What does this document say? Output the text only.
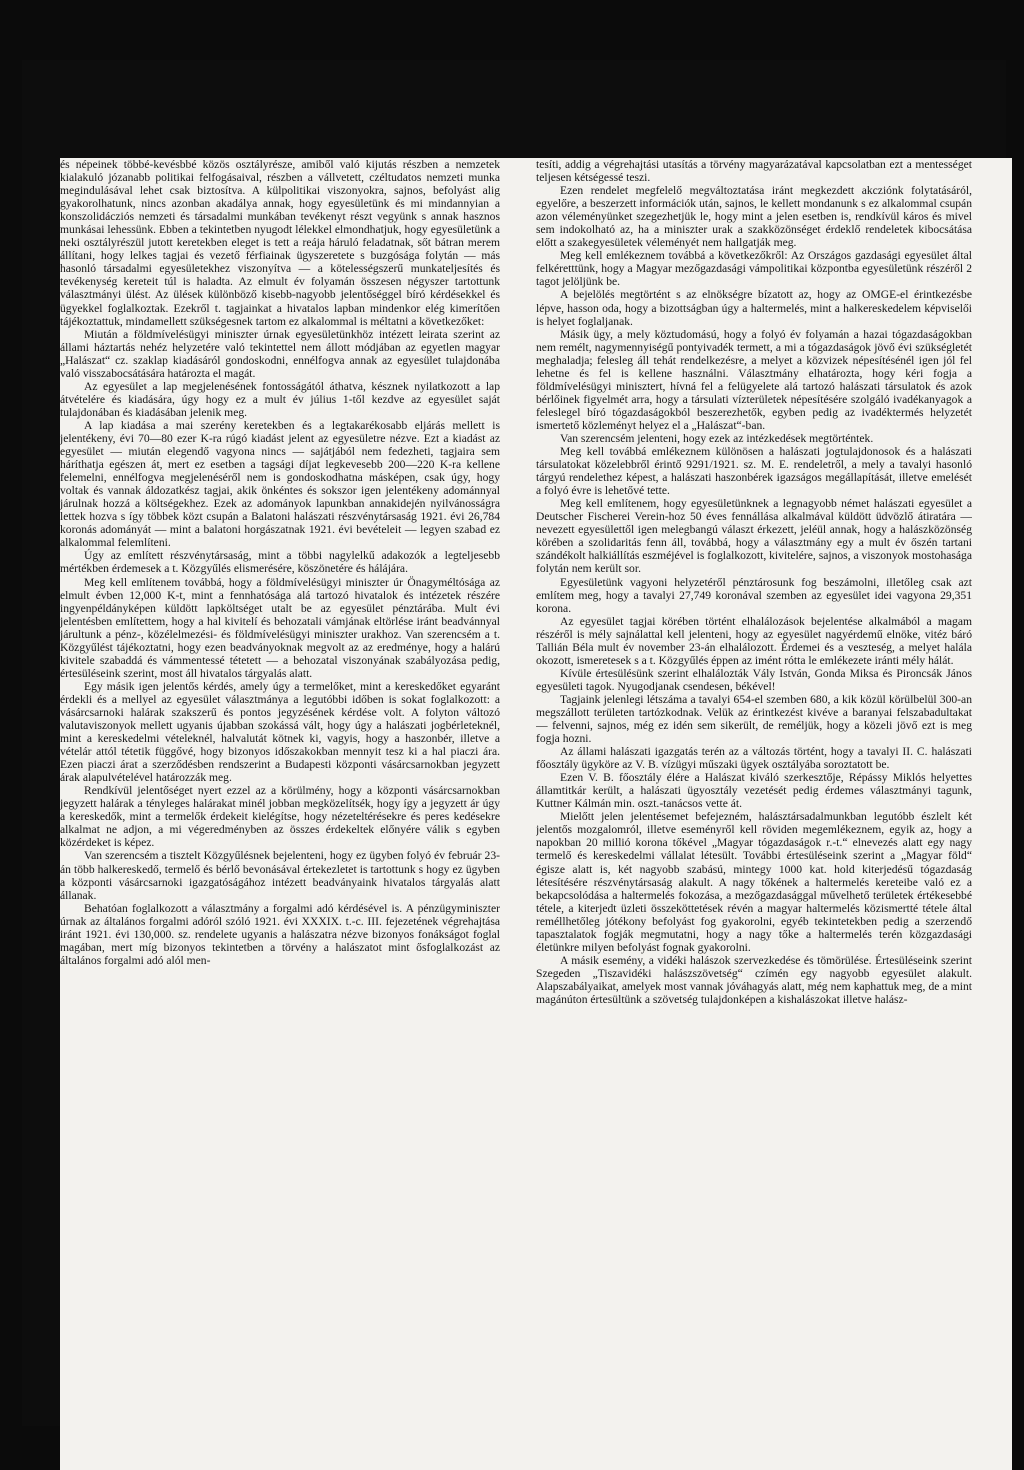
és népeinek többé-kevésbbé közös osztályrésze, amiből való kijutás részben a nemzetek kialakuló józanabb politikai felfogásaival, részben a vállvetett, czéltudatos nemzeti munka megindulásával lehet csak biztosítva. A külpolitikai viszonyokra, sajnos, befolyást alig gyakorolhatunk, nincs azonban akadálya annak, hogy egyesületünk és mi mindannyian a konszolidácziós nemzeti és társadalmi munkában tevékenyt részt vegyünk s annak hasznos munkásai lehessünk. Ebben a tekintetben nyugodt lélekkel elmondhatjuk, hogy egyesületünk a neki osztályrészül jutott keretekben eleget is tett a reája háruló feladatnak, sőt bátran merem állítani, hogy lelkes tagjai és vezető férfiainak ügyszeretete s buzgósága folytán — más hasonló társadalmi egyesületekhez viszonyítva — a kötelességszerű munkateljesítés és tevékenység kereteit túl is haladta. Az elmult év folyamán összesen négyszer tartottunk választmányi ülést. Az ülések különböző kisebb-nagyobb jelentőséggel bíró kérdésekkel és ügyekkel foglalkoztak. Ezekről t. tagjainkat a hivatalos lapban mindenkor elég kimerítően tájékoztattuk, mindamellett szükségesnek tartom ez alkalommal is méltatni a következőket:

Miután a földmívelésügyi miniszter úrnak egyesületünkhöz intézett leirata szerint az állami háztartás nehéz helyzetére való tekintettel nem állott módjában az egyetlen magyar „Halászat“ cz. szaklap kiadásáról gondoskodni, ennélfogva annak az egyesület tulajdonába való visszabocsátására határozta el magát.

Az egyesület a lap megjelenésének fontosságától áthatva, késznek nyilatkozott a lap átvételére és kiadására, úgy hogy ez a mult év július 1-től kezdve az egyesület saját tulajdonában és kiadásában jelenik meg.

A lap kiadása a mai szerény keretekben és a legtakarékosabb eljárás mellett is jelentékeny, évi 70—80 ezer K-ra rúgó kiadást jelent az egyesületre nézve. Ezt a kiadást az egyesület — miután elegendő vagyona nincs — sajátjából nem fedezheti, tagjaira sem háríthatja egészen át, mert ez esetben a tagsági díjat legkevesebb 200—220 K-ra kellene felemelni, ennélfogva megjelenéséről nem is gondoskodhatna másképen, csak úgy, hogy voltak és vannak áldozatkész tagjai, akik önkéntes és sokszor igen jelentékeny adománnyal járulnak hozzá a költségekhez. Ezek az adományok lapunkban annakidején nyilvánosságra lettek hozva s így többek közt csupán a Balatoni halászati részvénytársaság 1921. évi 26,784 koronás adományát — mint a balatoni horgászatnak 1921. évi bevételeit — legyen szabad ez alkalommal felemlíteni.

Úgy az említett részvénytársaság, mint a többi nagylelkű adakozók a legteljesebb mértékben érdemesek a t. Közgyűlés elismerésére, köszönetére és hálájára.

Meg kell említenem továbbá, hogy a földmívelésügyi miniszter úr Önagyméltósága az elmult évben 12,000 K-t, mint a fennhatósága alá tartozó hivatalok és intézetek részére ingyenpéldányképen küldött lapköltséget utalt be az egyesület pénztárába. Mult évi jelentésben említettem, hogy a hal kivitelí és behozatali vámjának eltörlése iránt beadvánnyal járultunk a pénz-, közélelmezési- és földmívelésügyi miniszter urakhoz. Van szerencsém a t. Közgyűlést tájékoztatni, hogy ezen beadványoknak megvolt az az eredménye, hogy a halárú kivitele szabaddá és vámmentessé tétetett — a behozatal viszonyának szabályozása pedig, értesüléseink szerint, most áll hivatalos tárgyalás alatt.

Egy másik igen jelentős kérdés, amely úgy a termelőket, mint a kereskedőket egyaránt érdekli és a mellyel az egyesület választmánya a legutóbbi időben is sokat foglalkozott: a vásárcsarnoki halárak szakszerű és pontos jegyzésének kérdése volt. A folyton változó valutaviszonyok mellett ugyanis újabban szokássá vált, hogy úgy a halászati jogbérleteknél, mint a kereskedelmi vételeknél, halvalutát kötnek ki, vagyis, hogy a haszonbér, illetve a vételár attól tétetik függővé, hogy bizonyos időszakokban mennyit tesz ki a hal piaczi ára. Ezen piaczi árat a szerződésben rendszerint a Budapesti központi vásárcsarnokban jegyzett árak alapulvételével határozzák meg.

Rendkívül jelentőséget nyert ezzel az a körülmény, hogy a központi vásárcsarnokban jegyzett halárak a tényleges halárakat minél jobban megközelítsék, hogy így a jegyzett ár úgy a kereskedők, mint a termelők érdekeit kielégítse, hogy nézeteltérésekre és peres kedésekre alkalmat ne adjon, a mi végeredményben az összes érdekeltek előnyére válik s egyben közérdeket is képez.

Van szerencsém a tisztelt Közgyűlésnek bejelenteni, hogy ez ügyben folyó év február 23-án több halkereskedő, termelő és bérlő bevonásával értekezletet is tartottunk s hogy ez ügyben a központi vásárcsarnoki igazgatóságához intézett beadványaink hivatalos tárgyalás alatt állanak.

Behatóan foglalkozott a választmány a forgalmi adó kérdésével is. A pénzügyminiszter úrnak az általános forgalmi adóról szóló 1921. évi XXXIX. t.-c. III. fejezetének végrehajtása iránt 1921. évi 130,000. sz. rendelete ugyanis a halászatra nézve bizonyos fonákságot foglal magában, mert míg bizonyos tekintetben a törvény a halászatot mint ősfoglalkozást az általános forgalmi adó alól men-

tesíti, addig a végrehajtási utasítás a törvény magyarázatával kapcsolatban ezt a mentességet teljesen kétségessé teszi.

Ezen rendelet megfelelő megváltoztatása iránt megkezdett akcziónk folytatásáról, egyelőre, a beszerzett információk után, sajnos, le kellett mondanunk s ez alkalommal csupán azon véleményünket szegezhetjük le, hogy mint a jelen esetben is, rendkívül káros és mivel sem indokolható az, ha a miniszter urak a szakközönséget érdeklő rendeletek kibocsátása előtt a szakegyesületek véleményét nem hallgatják meg.

Meg kell emlékeznem továbbá a következőkről: Az Országos gazdasági egyesület által felkéretttünk, hogy a Magyar mezőgazdasági vámpolitikai központba egyesületünk részéről 2 tagot jelöljünk be.

A bejelölés megtörtént s az elnökségre bízatott az, hogy az OMGE-el érintkezésbe lépve, hasson oda, hogy a bizottságban úgy a haltermelés, mint a halkereskedelem képviselői is helyet foglaljanak.

Másik ügy, a mely köztudomású, hogy a folyó év folyamán a hazai tógazdaságokban nem remélt, nagymennyiségű pontyivadék termett, a mi a tógazdaságok jövő évi szükségletét meghaladja; felesleg áll tehát rendelkezésre, a melyet a közvizek népesítésénél igen jól fel lehetne és fel is kellene használni. Választmány elhatározta, hogy kéri fogja a földmívelésügyi minisztert, hívná fel a felügyelete alá tartozó halászati társulatok és azok bérlőinek figyelmét arra, hogy a társulati vízterületek népesítésére szolgáló ivadékanyagok a feleslegel bíró tógazdaságokból beszerezhetők, egyben pedig az ivadéktermés helyzetét ismertető közleményt helyez el a „Halászat“-ban.

Van szerencsém jelenteni, hogy ezek az intézkedések megtörténtek.

Meg kell továbbá emlékeznem különösen a halászati jogtulajdonosok és a halászati társulatokat közelebbről érintő 9291/1921. sz. M. E. rendeletről, a mely a tavalyi hasonló tárgyú rendelethez képest, a halászati haszonbérek igazságos megállapítását, illetve emelését a folyó évre is lehetővé tette.

Meg kell említenem, hogy egyesületünknek a legnagyobb német halászati egyesület a Deutscher Fischerei Verein-hoz 50 éves fennállása alkalmával küldött üdvözlő átiratára — nevezett egyesülettől igen melegbangú választ érkezett, jeléül annak, hogy a halászközönség körében a szolidaritás fenn áll, továbbá, hogy a választmány egy a mult év őszén tartani szándékolt halkiállítás eszméjével is foglalkozott, kivitelére, sajnos, a viszonyok mostohasága folytán nem került sor.

Egyesületünk vagyoni helyzetéről pénztárosunk fog beszámolni, illetőleg csak azt említem meg, hogy a tavalyi 27,749 koronával szemben az egyesület idei vagyona 29,351 korona.

Az egyesület tagjai körében történt elhalálozások bejelentése alkalmából a magam részéről is mély sajnálattal kell jelenteni, hogy az egyesület nagyérdemű elnöke, vitéz báró Tallián Béla mult év november 23-án elhalálozott. Érdemei és a veszteség, a melyet halála okozott, ismeretesek s a t. Közgyűlés éppen az imént rótta le emlékezete iránti mély hálát.

Kívüle értesülésünk szerint elhalálozták Vály István, Gonda Miksa és Pironcsák János egyesületi tagok. Nyugodjanak csendesen, békével!

Tagjaink jelenlegi létszáma a tavalyi 654-el szemben 680, a kik közül körülbelül 300-an megszállott területen tartózkodnak. Velük az érintkezést kivéve a baranyai felszabadultakat — felvenni, sajnos, még ez idén sem sikerült, de reméljük, hogy a közeli jövő ezt is meg fogja hozni.

Az állami halászati igazgatás terén az a változás történt, hogy a tavalyi II. C. halászati főosztály ügyköre az V. B. vízügyi műszaki ügyek osztályába soroztatott be.

Ezen V. B. főosztály élére a Halászat kiváló szerkesztője, Répássy Miklós helyettes államtitkár került, a halászati ügyosztály vezetését pedig érdemes választmányi tagunk, Kuttner Kálmán min. oszt.-tanácsos vette át.

Mielőtt jelen jelentésemet befejezném, halásztársadalmunkban legutóbb észlelt két jelentős mozgalomról, illetve eseményről kell röviden megemlékeznem, egyik az, hogy a napokban 20 millió korona tőkével „Magyar tógazdaságok r.-t.“ elnevezés alatt egy nagy termelő és kereskedelmi vállalat létesült. További értesüléseink szerint a „Magyar föld“ égisze alatt is, két nagyobb szabású, mintegy 1000 kat. hold kiterjedésű tógazdaság létesítésére részvénytársaság alakult. A nagy tőkének a haltermelés kereteibe való ez a bekapcsolódása a haltermelés fokozása, a mezőgazdasággal művelhető területek értékesebbé tétele, a kiterjedt üzleti összeköttetések révén a magyar haltermelés közismertté tétele által reméllhetőleg jótékony befolyást fog gyakorolni, egyéb tekintetekben pedig a szerzendő tapasztalatok fogják megmutatni, hogy a nagy tőke a haltermelés terén közgazdasági életünkre milyen befolyást fognak gyakorolni.

A másik esemény, a vidéki halászok szervezkedése és tömörülése. Értesüléseink szerint Szegeden „Tiszavidéki halászszövetség“ czímén egy nagyobb egyesület alakult. Alapszabályaikat, amelyek most vannak jóváhagyás alatt, még nem kaphattuk meg, de a mint magánúton értesültünk a szövetség tulajdonképen a kishalászokat illetve halász-
